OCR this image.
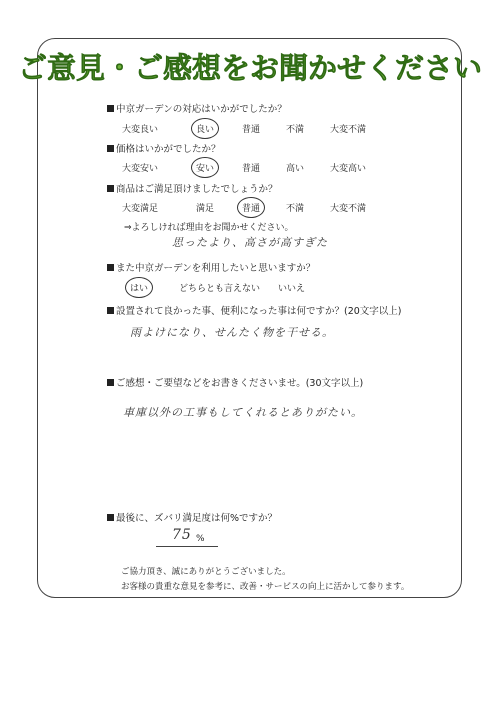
ご意見・ご感想をお聞かせください
中京ガーデンの対応はいかがでしたか？
大変良い	良い	普通	不満	大変不満
価格はいかがでしたか？
大変安い	安い	普通	高い	大変高い
商品はご満足頂けましたでしょうか？
大変満足	満足	普通	不満	大変不満
⇒よろしければ理由をお聞かせください。
思ったより、高さが高すぎた
また中京ガーデンを利用したいと思いますか？
はい	どちらとも言えない いいえ
設置されて良かった事、便利になった事は何ですか？(20文字以上)
雨よけになり、せんたく物を干せる。
ご感想・ご要望などをお書きくださいませ。(30文字以上)
車庫以外の工事もしてくれるとありがたい。
最後に、ズバリ満足度は何%ですか？
75 %
ご協力頂き、誠にありがとうございました。
お客様の貴重な意見を参考に、改善・サービスの向上に活かして参ります。
